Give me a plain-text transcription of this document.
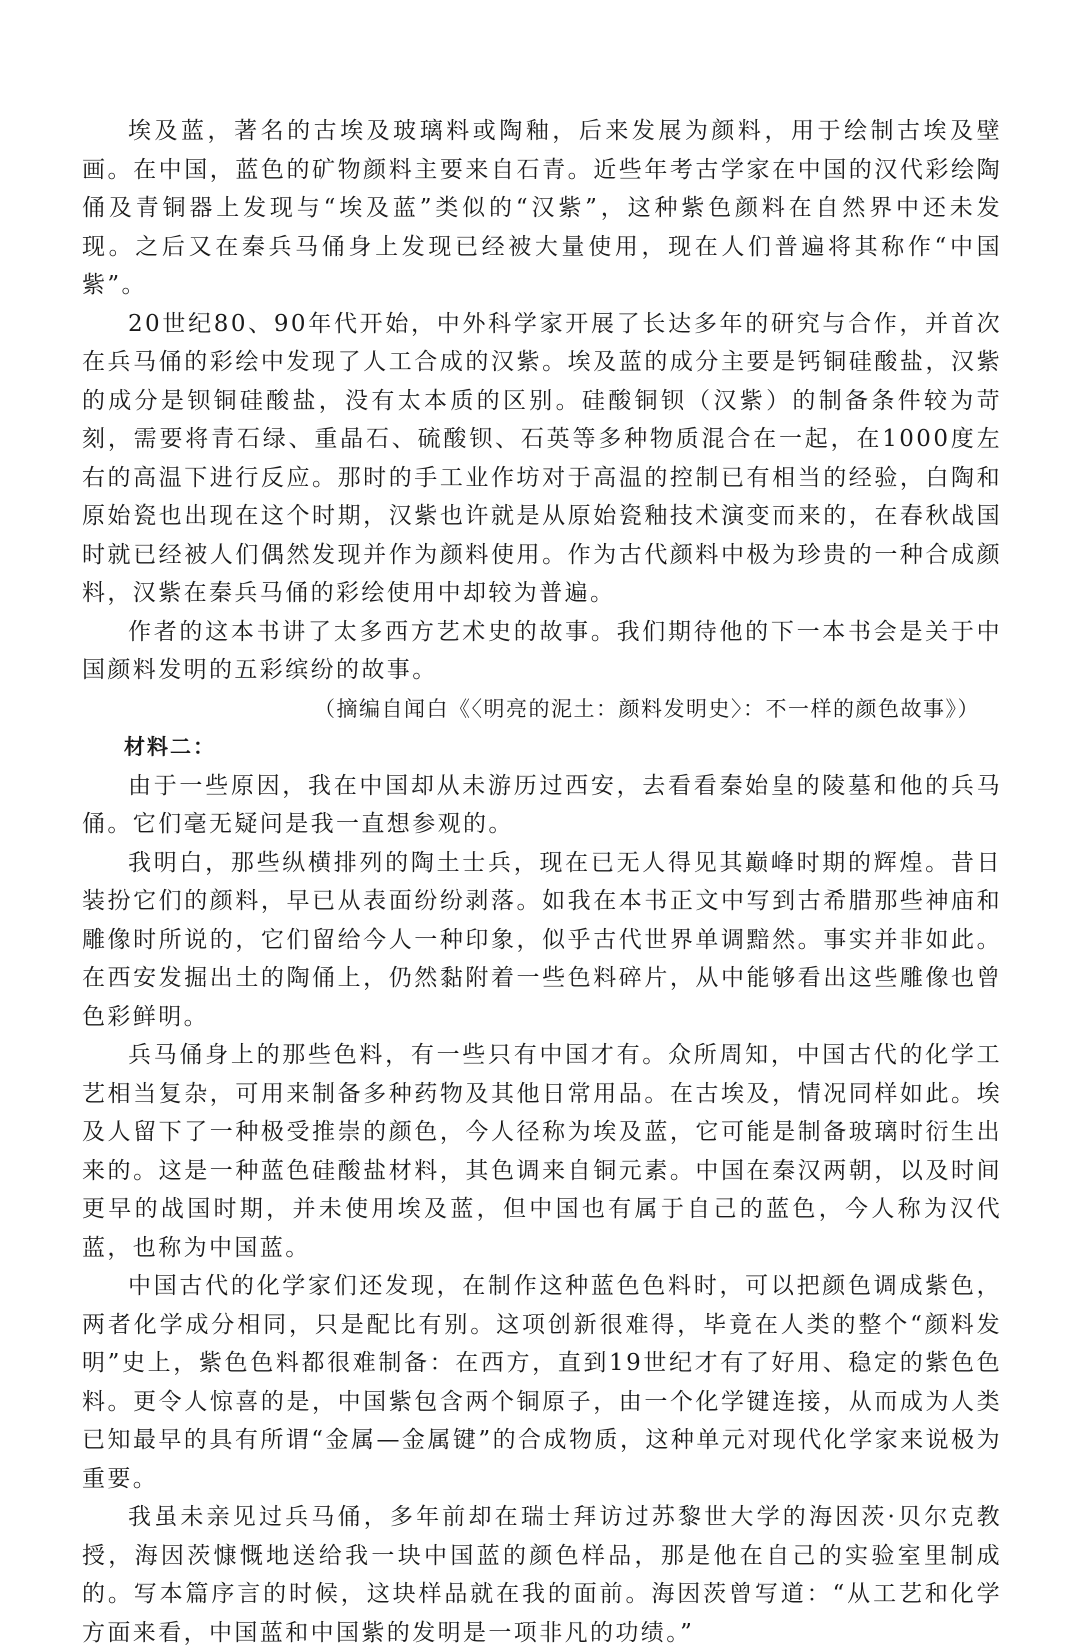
埃及蓝，著名的古埃及玻璃料或陶釉，后来发展为颜料，用于绘制古埃及壁画。在中国，蓝色的矿物颜料主要来自石青。近些年考古学家在中国的汉代彩绘陶俑及青铜器上发现与“埃及蓝”类似的“汉紫”，这种紫色颜料在自然界中还未发现。之后又在秦兵马俑身上发现已经被大量使用，现在人们普遍将其称作“中国紫”。

20世纪80、90年代开始，中外科学家开展了长达多年的研究与合作，并首次在兵马俑的彩绘中发现了人工合成的汉紫。埃及蓝的成分主要是钙铜硅酸盐，汉紫的成分是钡铜硅酸盐，没有太本质的区别。硅酸铜钡（汉紫）的制备条件较为苛刻，需要将青石绿、重晶石、硫酸钡、石英等多种物质混合在一起，在1000度左右的高温下进行反应。那时的手工业作坊对于高温的控制已有相当的经验，白陶和原始瓷也出现在这个时期，汉紫也许就是从原始瓷釉技术演变而来的，在春秋战国时就已经被人们偶然发现并作为颜料使用。作为古代颜料中极为珍贵的一种合成颜料，汉紫在秦兵马俑的彩绘使用中却较为普遍。

作者的这本书讲了太多西方艺术史的故事。我们期待他的下一本书会是关于中国颜料发明的五彩缤纷的故事。

（摘编自闻白《〈明亮的泥土：颜料发明史〉：不一样的颜色故事》）

材料二：

由于一些原因，我在中国却从未游历过西安，去看看秦始皇的陵墓和他的兵马俑。它们毫无疑问是我一直想参观的。

我明白，那些纵横排列的陶土士兵，现在已无人得见其巅峰时期的辉煌。昔日装扮它们的颜料，早已从表面纷纷剥落。如我在本书正文中写到古希腊那些神庙和雕像时所说的，它们留给今人一种印象，似乎古代世界单调黯然。事实并非如此。在西安发掘出土的陶俑上，仍然黏附着一些色料碎片，从中能够看出这些雕像也曾色彩鲜明。

兵马俑身上的那些色料，有一些只有中国才有。众所周知，中国古代的化学工艺相当复杂，可用来制备多种药物及其他日常用品。在古埃及，情况同样如此。埃及人留下了一种极受推崇的颜色，今人径称为埃及蓝，它可能是制备玻璃时衍生出来的。这是一种蓝色硅酸盐材料，其色调来自铜元素。中国在秦汉两朝，以及时间更早的战国时期，并未使用埃及蓝，但中国也有属于自己的蓝色，今人称为汉代蓝，也称为中国蓝。

中国古代的化学家们还发现，在制作这种蓝色色料时，可以把颜色调成紫色，两者化学成分相同，只是配比有别。这项创新很难得，毕竟在人类的整个“颜料发明”史上，紫色色料都很难制备：在西方，直到19世纪才有了好用、稳定的紫色色料。更令人惊喜的是，中国紫包含两个铜原子，由一个化学键连接，从而成为人类已知最早的具有所谓“金属—金属键”的合成物质，这种单元对现代化学家来说极为重要。

我虽未亲见过兵马俑，多年前却在瑞士拜访过苏黎世大学的海因茨·贝尔克教授，海因茨慷慨地送给我一块中国蓝的颜色样品，那是他在自己的实验室里制成的。写本篇序言的时候，这块样品就在我的面前。海因茨曾写道：“从工艺和化学方面来看，中国蓝和中国紫的发明是一项非凡的功绩。”
